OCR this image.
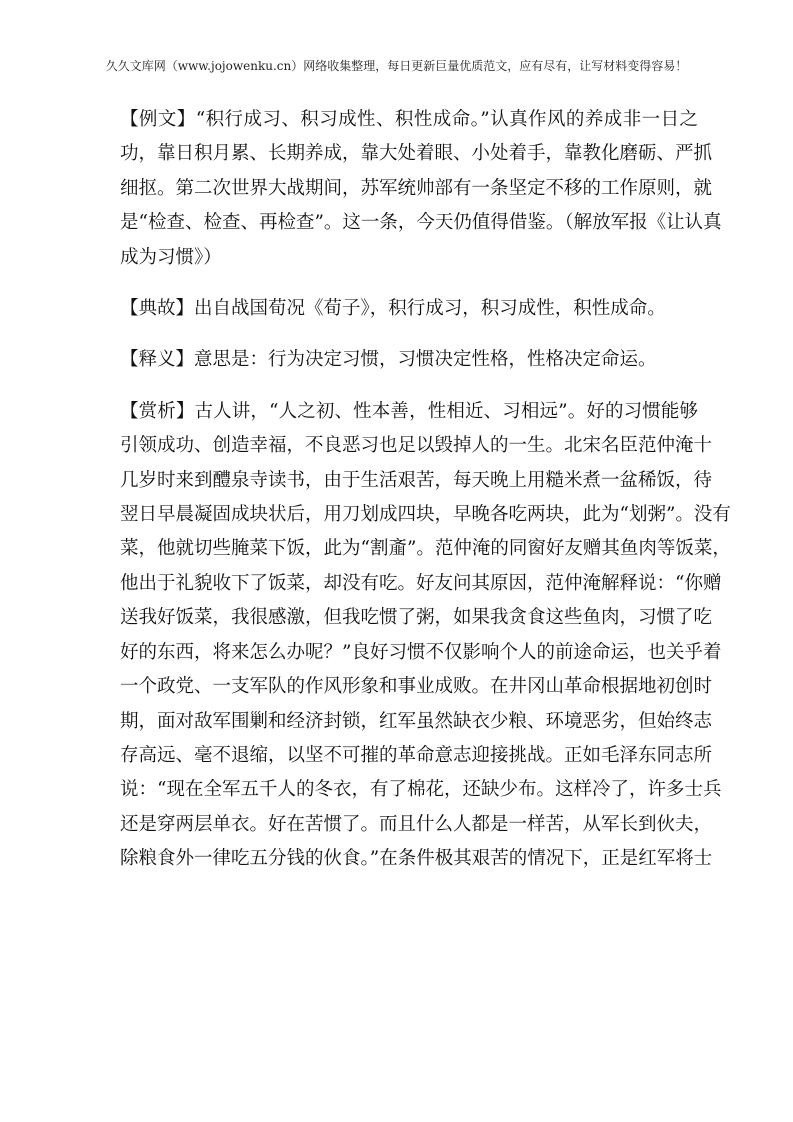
久久文库网（www.jojowenku.cn）网络收集整理，每日更新巨量优质范文，应有尽有，让写材料变得容易！

【例文】“积行成习、积习成性、积性成命。”认真作风的养成非一日之
功，靠日积月累、长期养成，靠大处着眼、小处着手，靠教化磨砺、严抓
细抠。第二次世界大战期间，苏军统帅部有一条坚定不移的工作原则，就
是“检查、检查、再检查”。这一条，今天仍值得借鉴。（解放军报《让认真
成为习惯》）

【典故】出自战国荀况《荀子》，积行成习，积习成性，积性成命。

【释义】意思是：行为决定习惯，习惯决定性格，性格决定命运。

【赏析】古人讲，“人之初、性本善，性相近、习相远”。好的习惯能够
引领成功、创造幸福，不良恶习也足以毁掉人的一生。北宋名臣范仲淹十
几岁时来到醴泉寺读书，由于生活艰苦，每天晚上用糙米煮一盆稀饭，待
翌日早晨凝固成块状后，用刀划成四块，早晚各吃两块，此为“划粥”。没有
菜，他就切些腌菜下饭，此为“割齑”。范仲淹的同窗好友赠其鱼肉等饭菜，
他出于礼貌收下了饭菜，却没有吃。好友问其原因，范仲淹解释说：“你赠
送我好饭菜，我很感激，但我吃惯了粥，如果我贪食这些鱼肉，习惯了吃
好的东西，将来怎么办呢？”良好习惯不仅影响个人的前途命运，也关乎着
一个政党、一支军队的作风形象和事业成败。在井冈山革命根据地初创时
期，面对敌军围剿和经济封锁，红军虽然缺衣少粮、环境恶劣，但始终志
存高远、毫不退缩，以坚不可摧的革命意志迎接挑战。正如毛泽东同志所
说：“现在全军五千人的冬衣，有了棉花，还缺少布。这样冷了，许多士兵
还是穿两层单衣。好在苦惯了。而且什么人都是一样苦，从军长到伙夫，
除粮食外一律吃五分钱的伙食。”在条件极其艰苦的情况下，正是红军将士
